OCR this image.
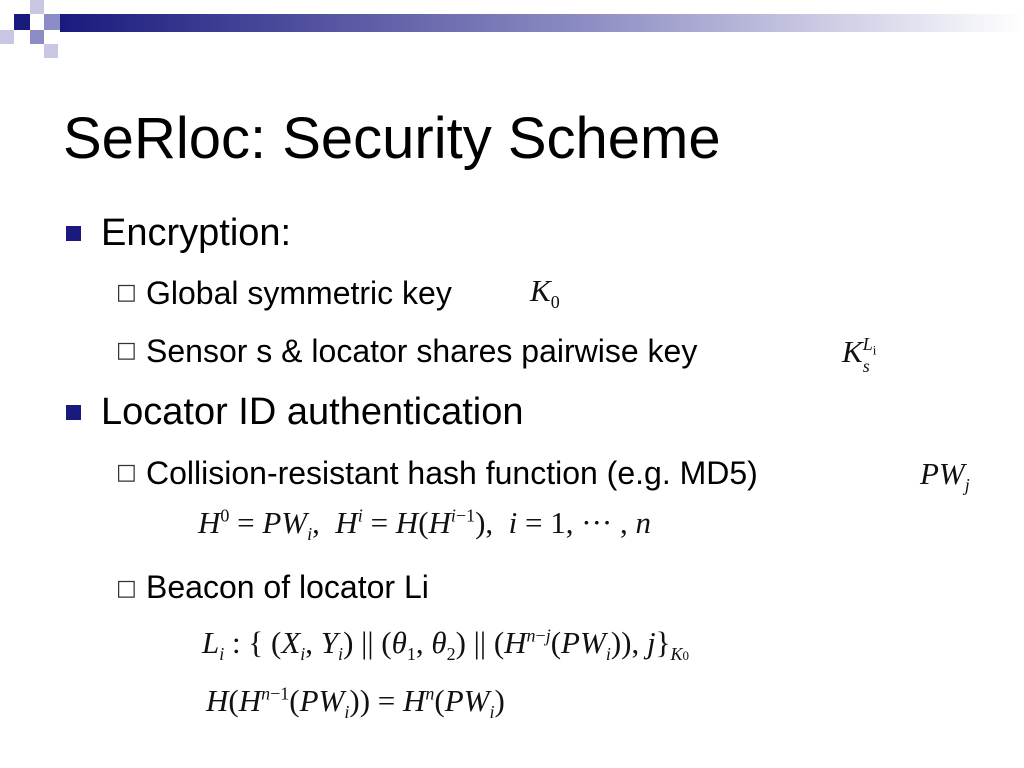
SeRloc: Security Scheme
Encryption:
□ Global symmetric key	$K_0$
□ Sensor s & locator shares pairwise key	$KL_i$
s
Locator ID authentication
□ Collision-resistant hash function (e.g. MD5)	$PW_j$
$H^0 = PW_i$,  $H^i = H(H^{i-1})$,  i = 1, ··· , n
□ Beacon of locator Li
$L_i$ : { ($X_i$, $Y_i$) || ($\theta_1$, $\theta_2$) || $(H^{n-j}(PW_i))$, $j\}_{K0}$
$H(H^{n-1}(PW_i)) = H^n(PW_i)$
